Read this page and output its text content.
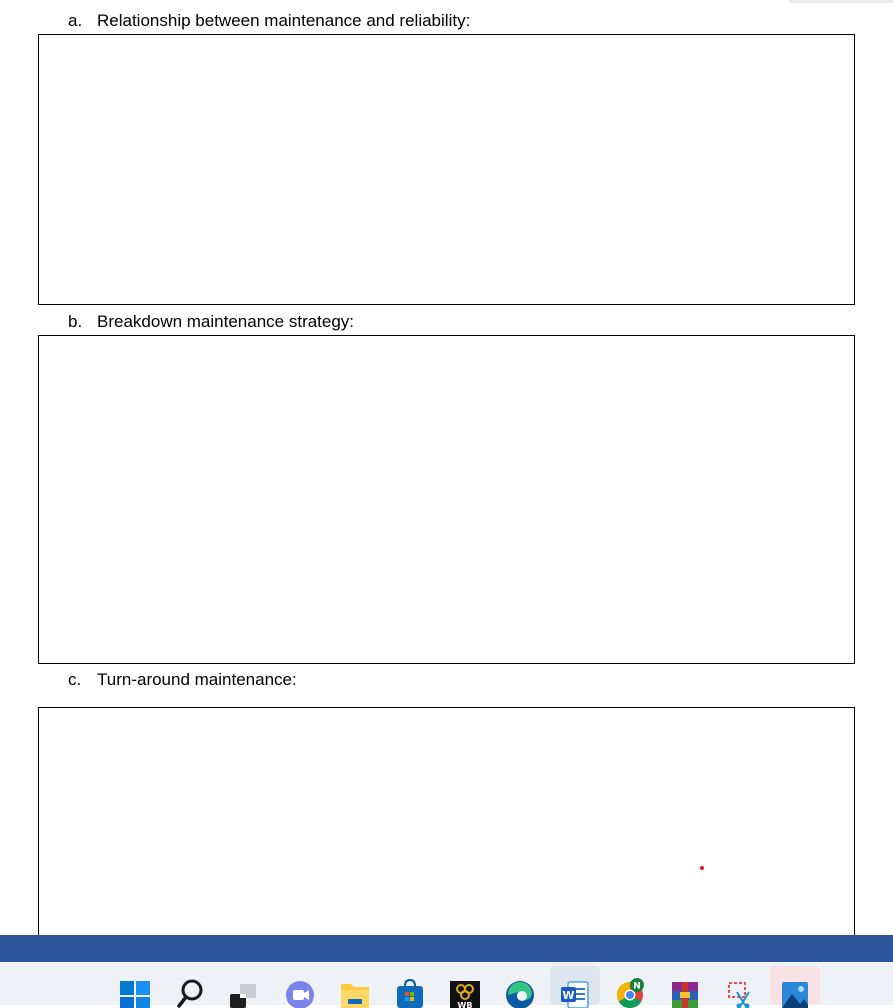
a. Relationship between maintenance and reliability:
b. Breakdown maintenance strategy:
c. Turn-around maintenance:
WB
W
N
